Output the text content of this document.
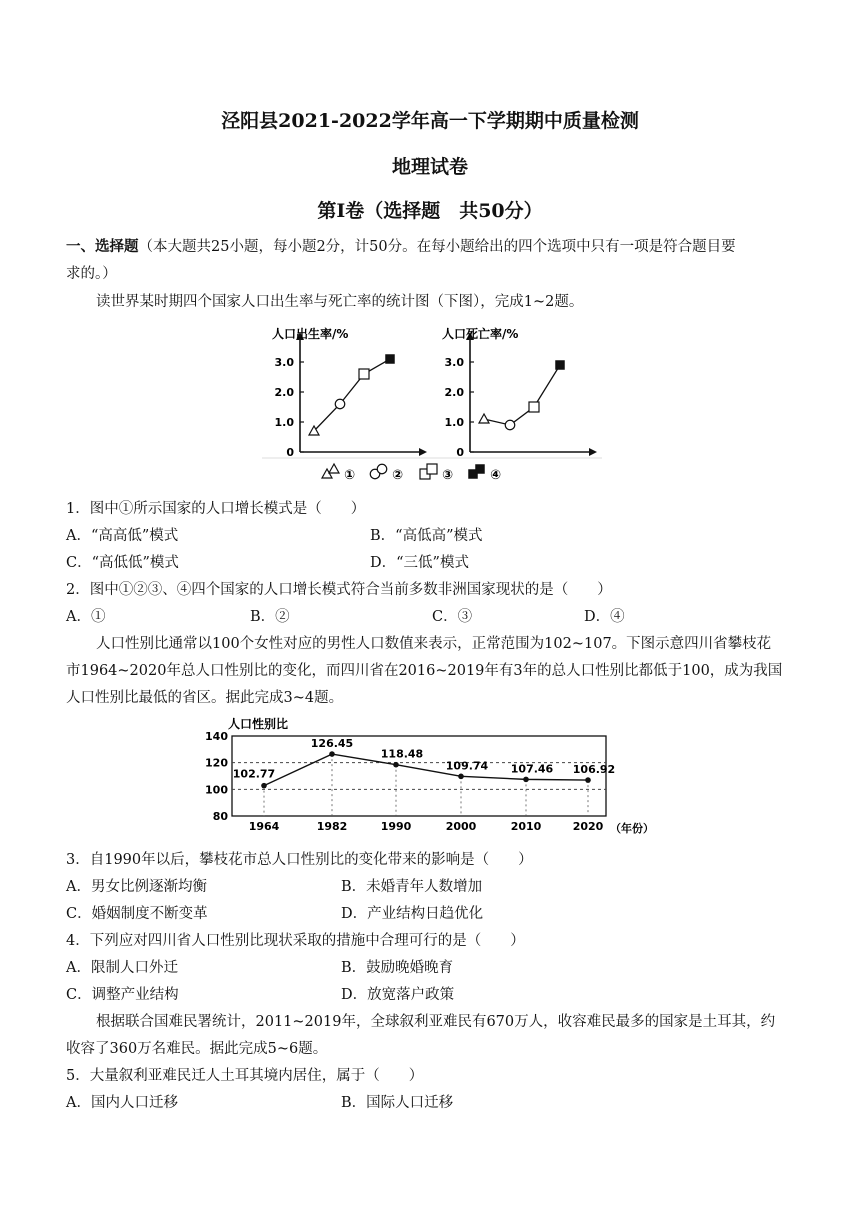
泾阳县2021-2022学年高一下学期期中质量检测
地理试卷
第Ⅰ卷（选择题　共50分）
一、选择题（本大题共25小题，每小题2分，计50分。在每小题给出的四个选项中只有一项是符合题目要
求的。）
读世界某时期四个国家人口出生率与死亡率的统计图（下图），完成1~2题。
人口出生率/%
0
1.0
2.0
3.0
人口死亡率/%
0
1.0
2.0
3.0
①	②	③	④
1．图中①所示国家的人口增长模式是（　　）
A．“高高低”模式	B．“高低高”模式
C．“高低低”模式	D．“三低”模式
2．图中①②③、④四个国家的人口增长模式符合当前多数非洲国家现状的是（　　）
A．①	B．②	C．③	D．④
人口性别比通常以100个女性对应的男性人口数值来表示，正常范围为102~107。下图示意四川省攀枝花
市1964~2020年总人口性别比的变化，而四川省在2016~2019年有3年的总人口性别比都低于100，成为我国
人口性别比最低的省区。据此完成3~4题。
人口性别比
80
100
120
140
102.77
1964
126.45
1982
118.48
1990
109.74
2000
107.46
2010
106.92
2020 （年份）
3．自1990年以后，攀枝花市总人口性别比的变化带来的影响是（　　）
A．男女比例逐渐均衡	B．未婚青年人数增加
C．婚姻制度不断变革	D．产业结构日趋优化
4．下列应对四川省人口性别比现状采取的措施中合理可行的是（　　）
A．限制人口外迁	B．鼓励晚婚晚育
C．调整产业结构	D．放宽落户政策
根据联合国难民署统计，2011~2019年，全球叙利亚难民有670万人，收容难民最多的国家是土耳其，约
收容了360万名难民。据此完成5~6题。
5．大量叙利亚难民迁人土耳其境内居住，属于（　　）
A．国内人口迁移	B．国际人口迁移
